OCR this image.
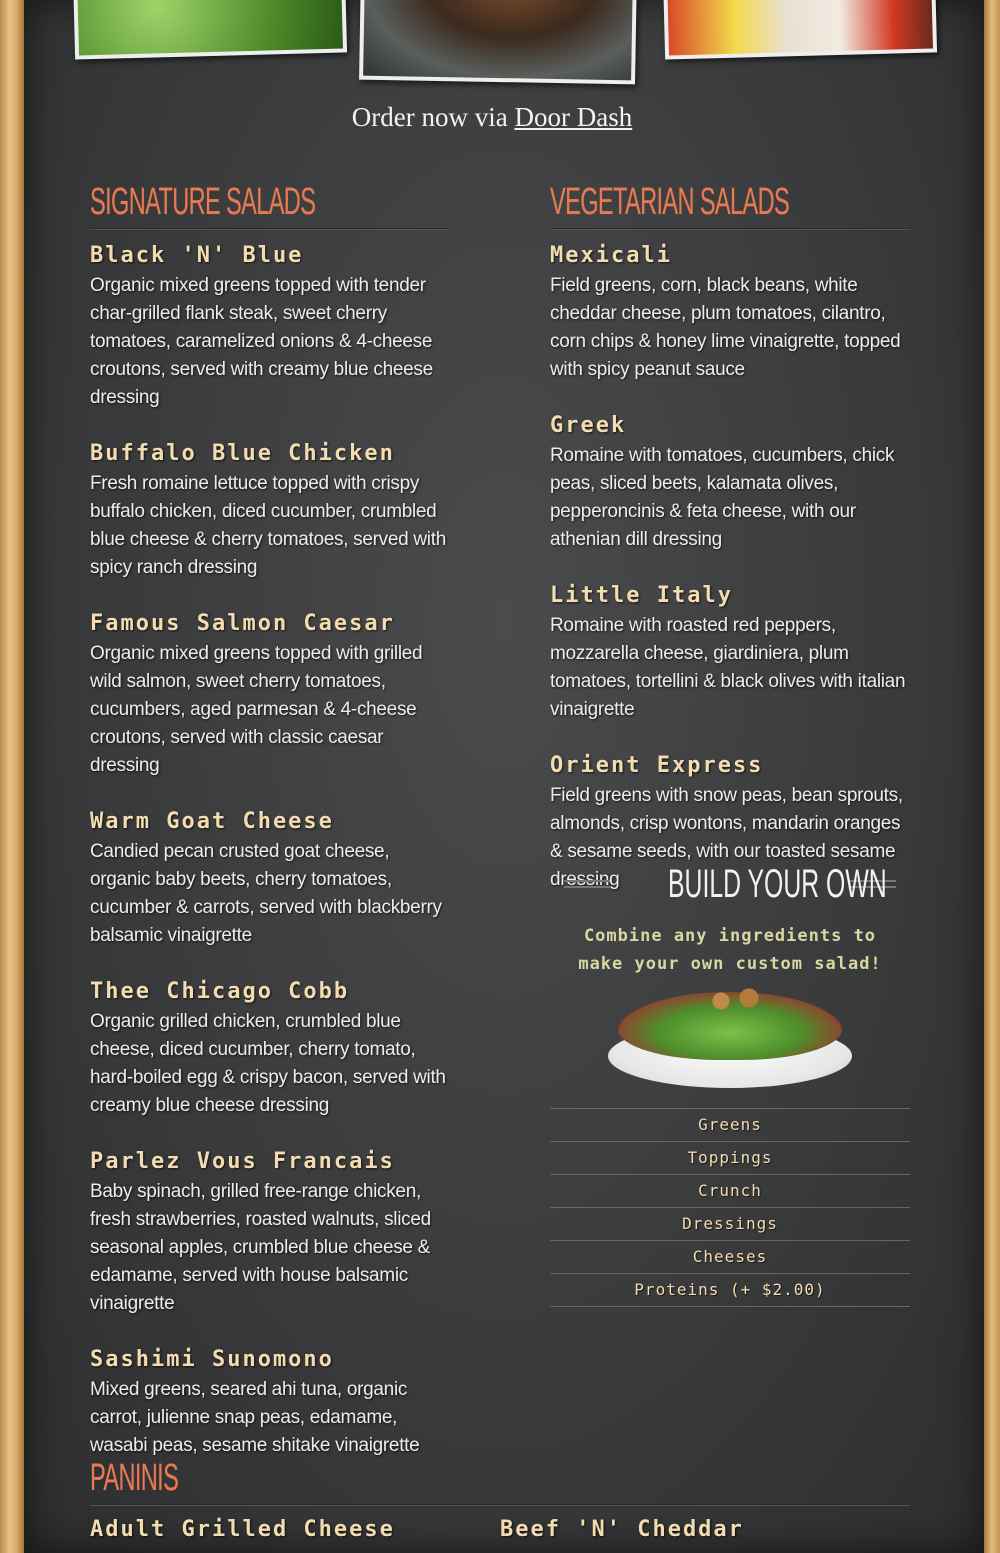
Order now via Door Dash
SIGNATURE SALADS
Black 'N' Blue
Organic mixed greens topped with tender char-grilled flank steak, sweet cherry tomatoes, caramelized onions & 4-cheese croutons, served with creamy blue cheese dressing
Buffalo Blue Chicken
Fresh romaine lettuce topped with crispy buffalo chicken, diced cucumber, crumbled blue cheese & cherry tomatoes, served with spicy ranch dressing
Famous Salmon Caesar
Organic mixed greens topped with grilled wild salmon, sweet cherry tomatoes, cucumbers, aged parmesan & 4-cheese croutons, served with classic caesar dressing
Warm Goat Cheese
Candied pecan crusted goat cheese, organic baby beets, cherry tomatoes, cucumber & carrots, served with blackberry balsamic vinaigrette
Thee Chicago Cobb
Organic grilled chicken, crumbled blue cheese, diced cucumber, cherry tomato, hard-boiled egg & crispy bacon, served with creamy blue cheese dressing
Parlez Vous Francais
Baby spinach, grilled free-range chicken, fresh strawberries, roasted walnuts, sliced seasonal apples, crumbled blue cheese & edamame, served with house balsamic vinaigrette
Sashimi Sunomono
Mixed greens, seared ahi tuna, organic carrot, julienne snap peas, edamame, wasabi peas, sesame shitake vinaigrette
VEGETARIAN SALADS
Mexicali
Field greens, corn, black beans, white cheddar cheese, plum tomatoes, cilantro, corn chips & honey lime vinaigrette, topped with spicy peanut sauce
Greek
Romaine with tomatoes, cucumbers, chick peas, sliced beets, kalamata olives, pepperoncinis & feta cheese, with our athenian dill dressing
Little Italy
Romaine with roasted red peppers, mozzarella cheese, giardiniera, plum tomatoes, tortellini & black olives with italian vinaigrette
Orient Express
Field greens with snow peas, bean sprouts, almonds, crisp wontons, mandarin oranges & sesame seeds, with our toasted sesame dressing	BUILD YOUR OWN
Combine any ingredients to make your own custom salad!
Greens
Toppings
Crunch
Dressings
Cheeses
Proteins (+ $2.00)
PANINIS
Adult Grilled Cheese	Beef 'N' Cheddar
